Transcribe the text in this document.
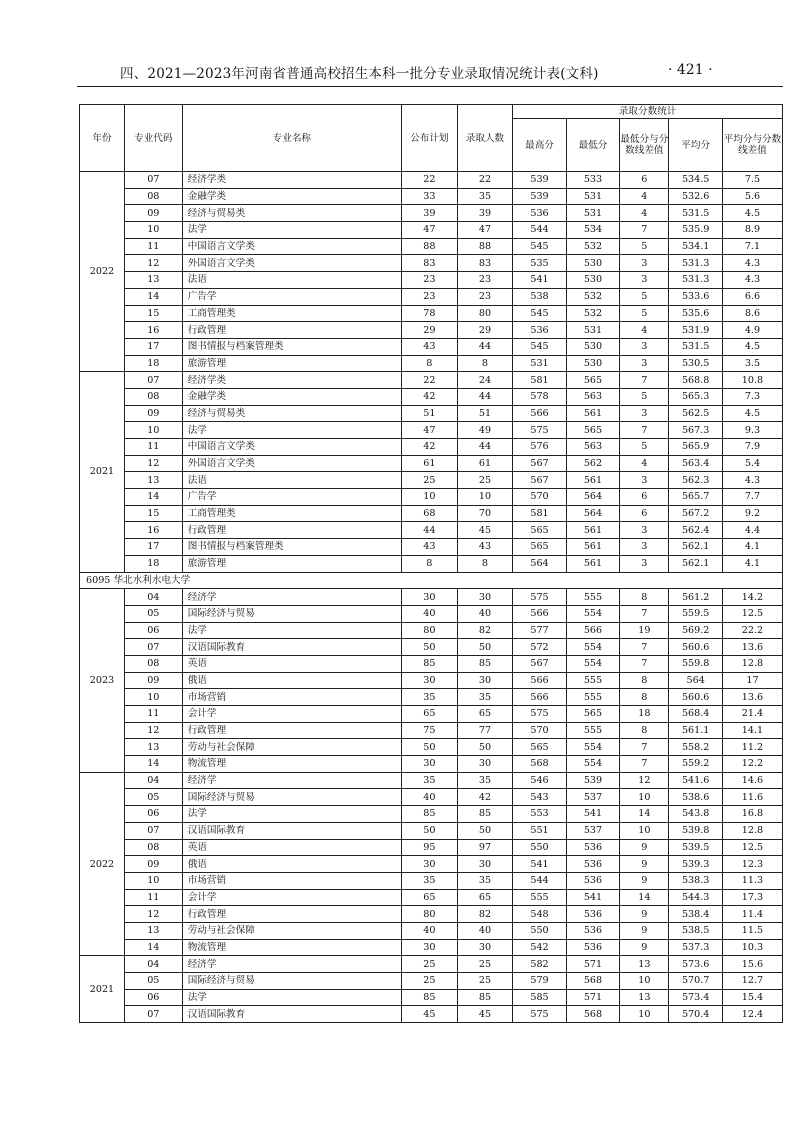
四、2021—2023年河南省普通高校招生本科一批分专业录取情况统计表(文科)	· 421 ·
年份	专业代码	专业名称	公布计划	录取人数	录取分数统计				
					最高分	最低分	最低分与分数线差值	平均分	平均分与分数线差值
2022	07	经济学类	22	22	539	533	6	534.5	7.5
	08	金融学类	33	35	539	531	4	532.6	5.6
	09	经济与贸易类	39	39	536	531	4	531.5	4.5
	10	法学	47	47	544	534	7	535.9	8.9
	11	中国语言文学类	88	88	545	532	5	534.1	7.1
	12	外国语言文学类	83	83	535	530	3	531.3	4.3
	13	法语	23	23	541	530	3	531.3	4.3
	14	广告学	23	23	538	532	5	533.6	6.6
	15	工商管理类	78	80	545	532	5	535.6	8.6
	16	行政管理	29	29	536	531	4	531.9	4.9
	17	图书情报与档案管理类	43	44	545	530	3	531.5	4.5
	18	旅游管理	8	8	531	530	3	530.5	3.5
2021	07	经济学类	22	24	581	565	7	568.8	10.8
	08	金融学类	42	44	578	563	5	565.3	7.3
	09	经济与贸易类	51	51	566	561	3	562.5	4.5
	10	法学	47	49	575	565	7	567.3	9.3
	11	中国语言文学类	42	44	576	563	5	565.9	7.9
	12	外国语言文学类	61	61	567	562	4	563.4	5.4
	13	法语	25	25	567	561	3	562.3	4.3
	14	广告学	10	10	570	564	6	565.7	7.7
	15	工商管理类	68	70	581	564	6	567.2	9.2
	16	行政管理	44	45	565	561	3	562.4	4.4
	17	图书情报与档案管理类	43	43	565	561	3	562.1	4.1
	18	旅游管理	8	8	564	561	3	562.1	4.1
6095 华北水利水电大学									
2023	04	经济学	30	30	575	555	8	561.2	14.2
	05	国际经济与贸易	40	40	566	554	7	559.5	12.5
	06	法学	80	82	577	566	19	569.2	22.2
	07	汉语国际教育	50	50	572	554	7	560.6	13.6
	08	英语	85	85	567	554	7	559.8	12.8
	09	俄语	30	30	566	555	8	564	17
	10	市场营销	35	35	566	555	8	560.6	13.6
	11	会计学	65	65	575	565	18	568.4	21.4
	12	行政管理	75	77	570	555	8	561.1	14.1
	13	劳动与社会保障	50	50	565	554	7	558.2	11.2
	14	物流管理	30	30	568	554	7	559.2	12.2
2022	04	经济学	35	35	546	539	12	541.6	14.6
	05	国际经济与贸易	40	42	543	537	10	538.6	11.6
	06	法学	85	85	553	541	14	543.8	16.8
	07	汉语国际教育	50	50	551	537	10	539.8	12.8
	08	英语	95	97	550	536	9	539.5	12.5
	09	俄语	30	30	541	536	9	539.3	12.3
	10	市场营销	35	35	544	536	9	538.3	11.3
	11	会计学	65	65	555	541	14	544.3	17.3
	12	行政管理	80	82	548	536	9	538.4	11.4
	13	劳动与社会保障	40	40	550	536	9	538.5	11.5
	14	物流管理	30	30	542	536	9	537.3	10.3
2021	04	经济学	25	25	582	571	13	573.6	15.6
	05	国际经济与贸易	25	25	579	568	10	570.7	12.7
	06	法学	85	85	585	571	13	573.4	15.4
	07	汉语国际教育	45	45	575	568	10	570.4	12.4
